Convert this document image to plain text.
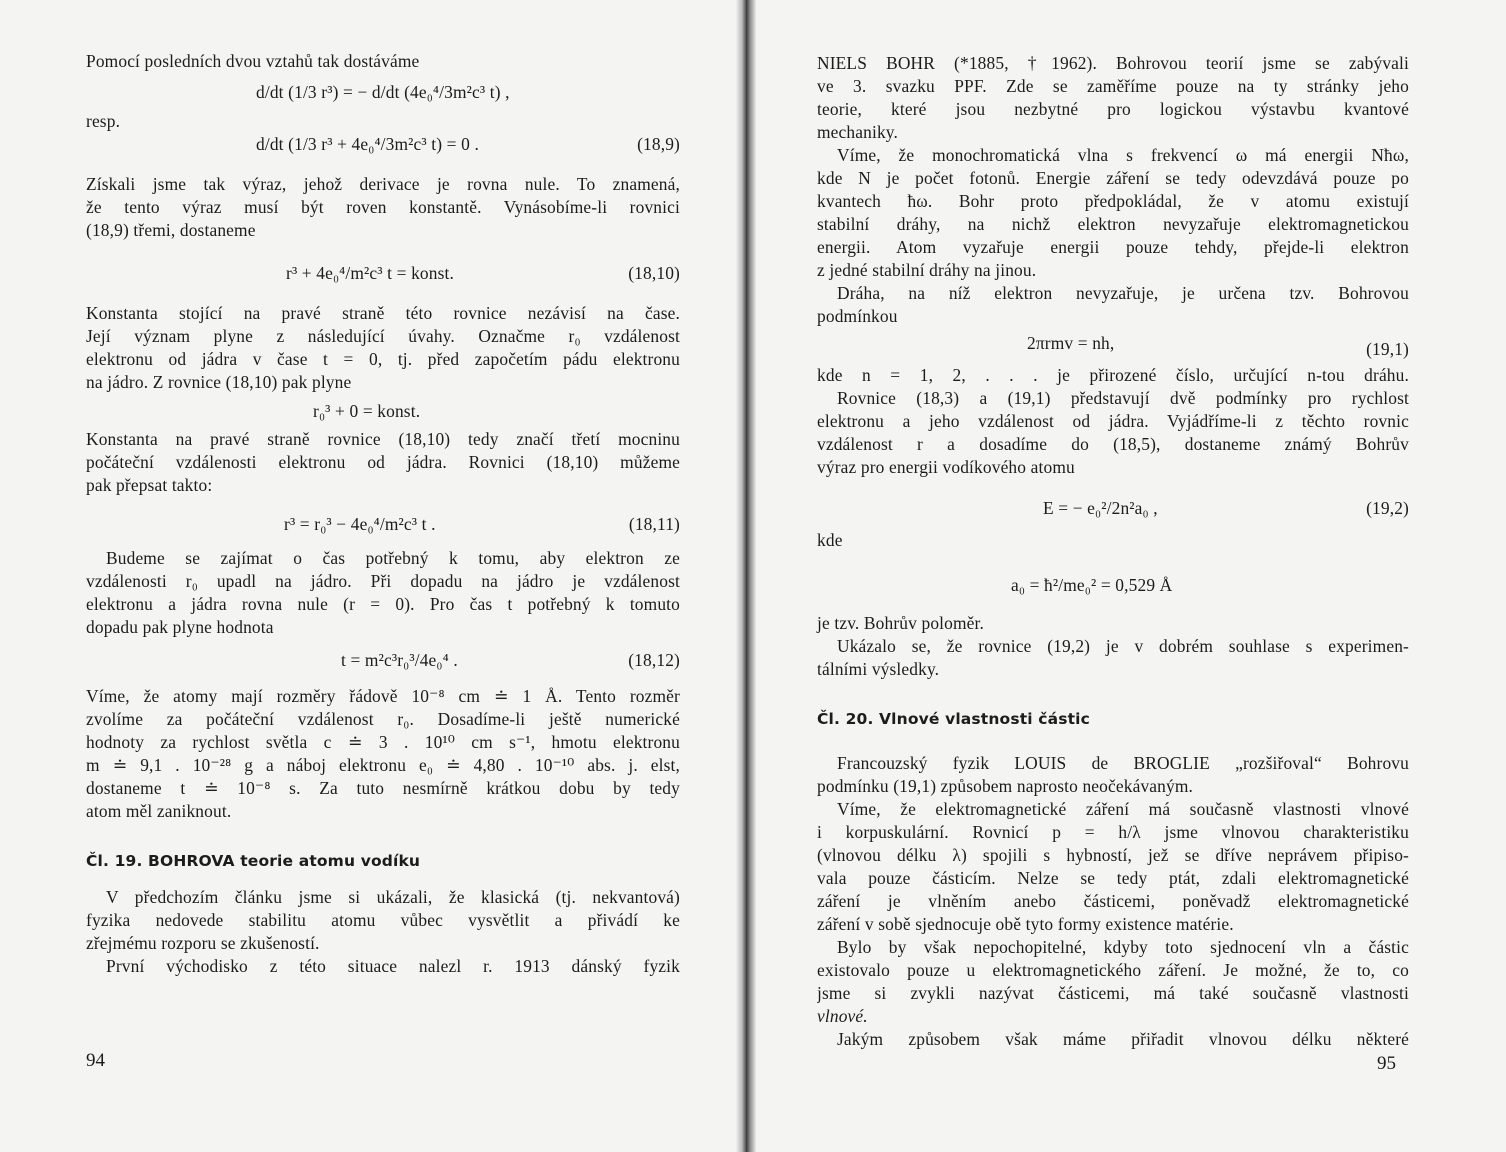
Pomocí posledních dvou vztahů tak dostáváme
d/dt (1/3 r³) = − d/dt (4e₀⁴/3m²c³ t) ,
resp.
d/dt (1/3 r³ + 4e₀⁴/3m²c³ t) = 0 .	(18,9)
Získali jsme tak výraz, jehož derivace je rovna nule. To znamená,
že tento výraz musí být roven konstantě. Vynásobíme-li rovnici
(18,9) třemi, dostaneme
r³ + 4e₀⁴/m²c³ t = konst.	(18,10)
Konstanta stojící na pravé straně této rovnice nezávisí na čase.
Její význam plyne z následující úvahy. Označme r₀ vzdálenost
elektronu od jádra v čase t = 0, tj. před započetím pádu elektronu
na jádro. Z rovnice (18,10) pak plyne
r₀³ + 0 = konst.
Konstanta na pravé straně rovnice (18,10) tedy značí třetí mocninu
počáteční vzdálenosti elektronu od jádra. Rovnici (18,10) můžeme
pak přepsat takto:
r³ = r₀³ − 4e₀⁴/m²c³ t .	(18,11)
Budeme se zajímat o čas potřebný k tomu, aby elektron ze
vzdálenosti r₀ upadl na jádro. Při dopadu na jádro je vzdálenost
elektronu a jádra rovna nule (r = 0). Pro čas t potřebný k tomuto
dopadu pak plyne hodnota
t = m²c³r₀³/4e₀⁴ .	(18,12)
Víme, že atomy mají rozměry řádově 10⁻⁸ cm ≐ 1 Å. Tento rozměr
zvolíme za počáteční vzdálenost r₀. Dosadíme-li ještě numerické
hodnoty za rychlost světla c ≐ 3 . 10¹⁰ cm s⁻¹, hmotu elektronu
m ≐ 9,1 . 10⁻²⁸ g a náboj elektronu e₀ ≐ 4,80 . 10⁻¹⁰ abs. j. elst,
dostaneme t ≐ 10⁻⁸ s. Za tuto nesmírně krátkou dobu by tedy
atom měl zaniknout.
Čl. 19. BOHROVA teorie atomu vodíku
V předchozím článku jsme si ukázali, že klasická (tj. nekvantová)
fyzika nedovede stabilitu atomu vůbec vysvětlit a přivádí ke
zřejmému rozporu se zkušeností.
První východisko z této situace nalezl r. 1913 dánský fyzik
94
NIELS BOHR (*1885, †1962). Bohrovou teorií jsme se zabývali
ve 3. svazku PPF. Zde se zaměříme pouze na ty stránky jeho
teorie, které jsou nezbytné pro logickou výstavbu kvantové
mechaniky.
Víme, že monochromatická vlna s frekvencí ω má energii Nħω,
kde N je počet fotonů. Energie záření se tedy odevzdává pouze po
kvantech ħω. Bohr proto předpokládal, že v atomu existují
stabilní dráhy, na nichž elektron nevyzařuje elektromagnetickou
energii. Atom vyzařuje energii pouze tehdy, přejde-li elektron
z jedné stabilní dráhy na jinou.
Dráha, na níž elektron nevyzařuje, je určena tzv. Bohrovou
podmínkou
2πrmv = nh,	(19,1)
kde n = 1, 2, . . . je přirozené číslo, určující n-tou dráhu.
Rovnice (18,3) a (19,1) představují dvě podmínky pro rychlost
elektronu a jeho vzdálenost od jádra. Vyjádříme-li z těchto rovnic
vzdálenost r a dosadíme do (18,5), dostaneme známý Bohrův
výraz pro energii vodíkového atomu
E = − e₀²/2n²a₀ ,	(19,2)
kde
a₀ = ħ²/me₀² = 0,529 Å
je tzv. Bohrův poloměr.
Ukázalo se, že rovnice (19,2) je v dobrém souhlase s experimen-
tálními výsledky.
Čl. 20. Vlnové vlastnosti částic
Francouzský fyzik LOUIS de BROGLIE „rozšiřoval“ Bohrovu
podmínku (19,1) způsobem naprosto neočekávaným.
Víme, že elektromagnetické záření má současně vlastnosti vlnové
i korpuskulární. Rovnicí p = h/λ jsme vlnovou charakteristiku
(vlnovou délku λ) spojili s hybností, jež se dříve neprávem připiso-
vala pouze částicím. Nelze se tedy ptát, zdali elektromagnetické
záření je vlněním anebo částicemi, poněvadž elektromagnetické
záření v sobě sjednocuje obě tyto formy existence matérie.
Bylo by však nepochopitelné, kdyby toto sjednocení vln a částic
existovalo pouze u elektromagnetického záření. Je možné, že to, co
jsme si zvykli nazývat částicemi, má také současně vlastnosti
vlnové.
Jakým způsobem však máme přiřadit vlnovou délku některé
95
